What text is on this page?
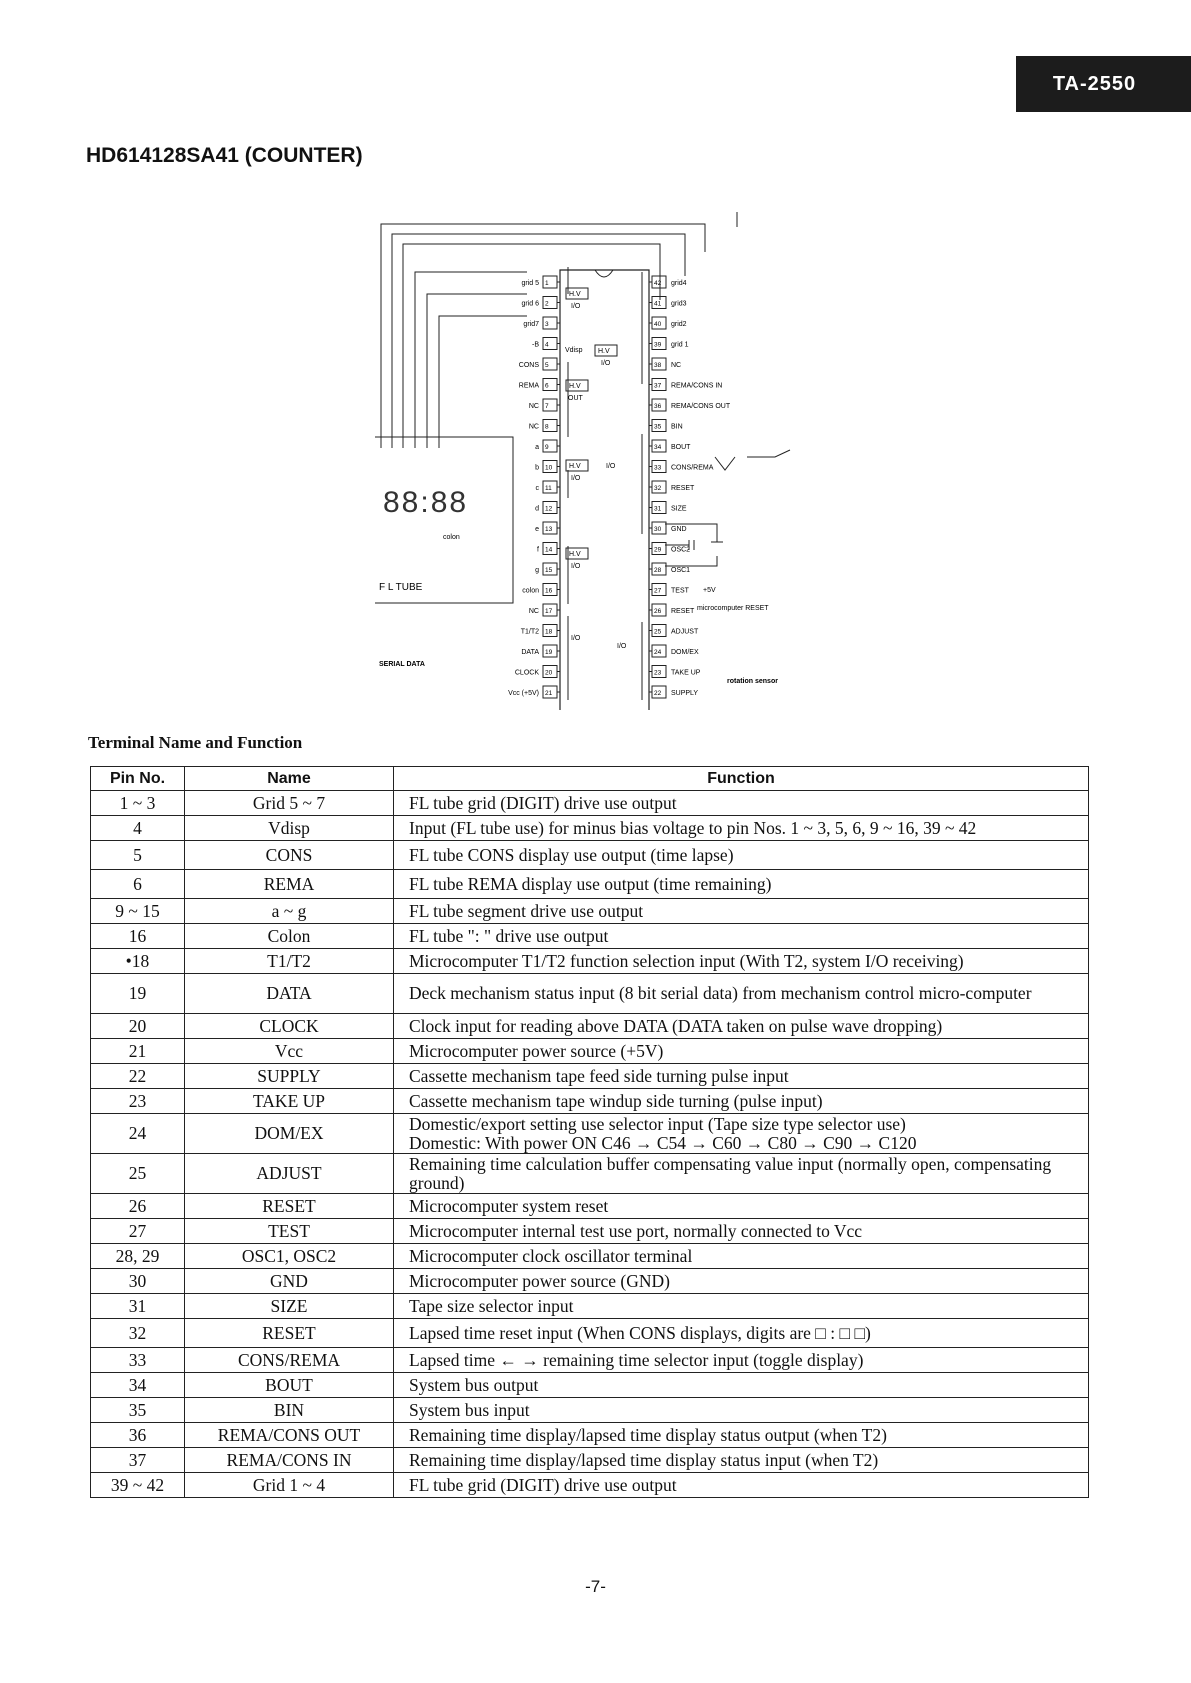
TA-2550
HD614128SA41 (COUNTER)
1
grid 5
2
grid 6
3
grid7
4
-B
5
CONS
6
REMA
7
NC
8
NC
9
a
10
b
11
c
12
d
13
e
14
f
15
g
16
colon
17
NC
18
T1/T2
19
DATA
20
CLOCK
21
Vcc (+5V)
42 grid4
41 grid3
40 grid2
39 grid 1
38 NC
37 REMA/CONS IN
36 REMA/CONS OUT
35 BIN
34 BOUT
33 CONS/REMA
32 RESET
31 SIZE
30 GND
29 OSC2
28 OSC1
27 TEST
26 RESET
25 ADJUST
24 DOM/EX
23 TAKE UP
22 SUPPLY
H.V
I/O
Vdisp H.V
I/O
H.V
OUT
H.V
I/O
I/O
H.V
I/O
I/O
I/O
88:88
colon
F L TUBE
SERIAL DATA
rotation sensor
microcomputer RESET
+5V
Terminal Name and Function
Pin No.	Name	Function
1 ~ 3	Grid 5 ~ 7	FL tube grid (DIGIT) drive use output
4	Vdisp	Input (FL tube use) for minus bias voltage to pin Nos. 1 ~ 3, 5, 6, 9 ~ 16, 39 ~ 42
5	CONS	FL tube CONS display use output (time lapse)
6	REMA	FL tube REMA display use output (time remaining)
9 ~ 15	a ~ g	FL tube segment drive use output
16	Colon	FL tube ": " drive use output
•18	T1/T2	Microcomputer T1/T2 function selection input (With T2, system I/O receiving)
19	DATA	Deck mechanism status input (8 bit serial data) from mechanism control micro-computer
20	CLOCK	Clock input for reading above DATA (DATA taken on pulse wave dropping)
21	Vcc	Microcomputer power source (+5V)
22	SUPPLY	Cassette mechanism tape feed side turning pulse input
23	TAKE UP	Cassette mechanism tape windup side turning (pulse input)
24	DOM/EX	Domestic/export setting use selector input (Tape size type selector use)
Domestic: With power ON C46 → C54 → C60 → C80 → C90 → C120
25	ADJUST	Remaining time calculation buffer compensating value input (normally open, compensating ground)
26	RESET	Microcomputer system reset
27	TEST	Microcomputer internal test use port, normally connected to Vcc
28, 29	OSC1, OSC2	Microcomputer clock oscillator terminal
30	GND	Microcomputer power source (GND)
31	SIZE	Tape size selector input
32	RESET	Lapsed time reset input (When CONS displays, digits are □ : □ □)
33	CONS/REMA	Lapsed time ← → remaining time selector input (toggle display)
34	BOUT	System bus output
35	BIN	System bus input
36	REMA/CONS OUT	Remaining time display/lapsed time display status output (when T2)
37	REMA/CONS IN	Remaining time display/lapsed time display status input (when T2)
39 ~ 42	Grid 1 ~ 4	FL tube grid (DIGIT) drive use output
-7-
